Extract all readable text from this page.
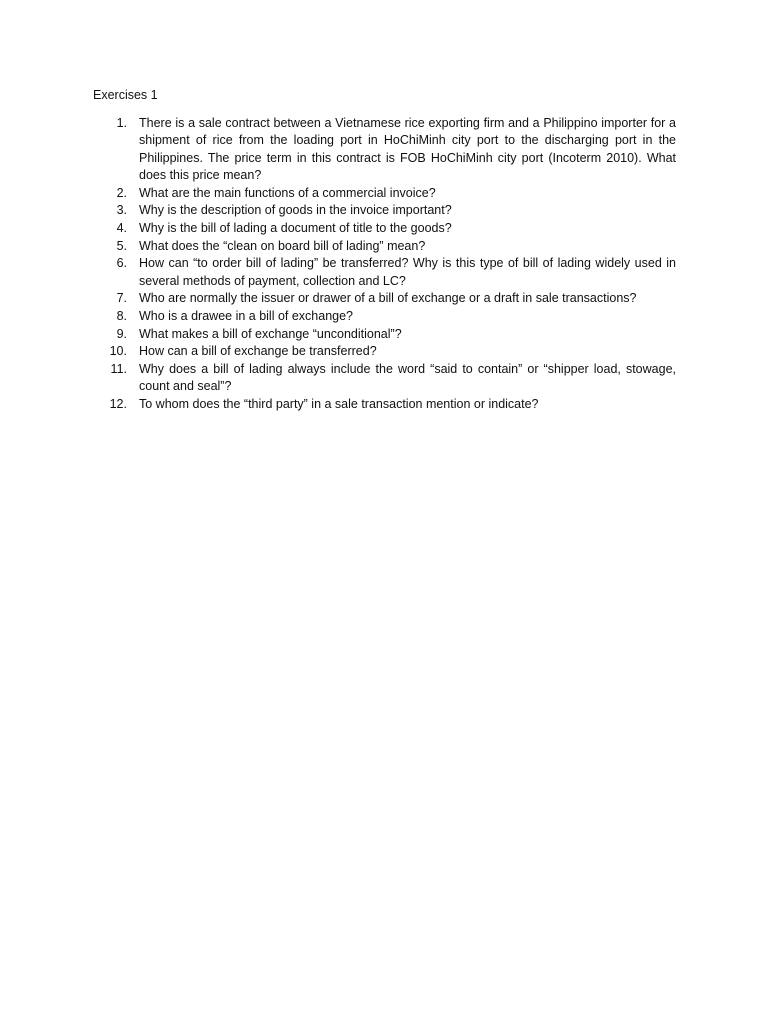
Exercises 1
1. There is a sale contract between a Vietnamese rice exporting firm and a Philippino importer for a shipment of rice from the loading port in HoChiMinh city port to the discharging port in the Philippines. The price term in this contract is FOB HoChiMinh city port (Incoterm 2010). What does this price mean?
2. What are the main functions of a commercial invoice?
3. Why is the description of goods in the invoice important?
4. Why is the bill of lading a document of title to the goods?
5. What does the “clean on board bill of lading” mean?
6. How can “to order bill of lading” be transferred? Why is this type of bill of lading widely used in several methods of payment, collection and LC?
7. Who are normally the issuer or drawer of a bill of exchange or a draft in sale transactions?
8. Who is a drawee in a bill of exchange?
9. What makes a bill of exchange “unconditional”?
10. How can a bill of exchange be transferred?
11. Why does a bill of lading always include the word “said to contain” or “shipper load, stowage, count and seal”?
12. To whom does the “third party” in a sale transaction mention or indicate?
